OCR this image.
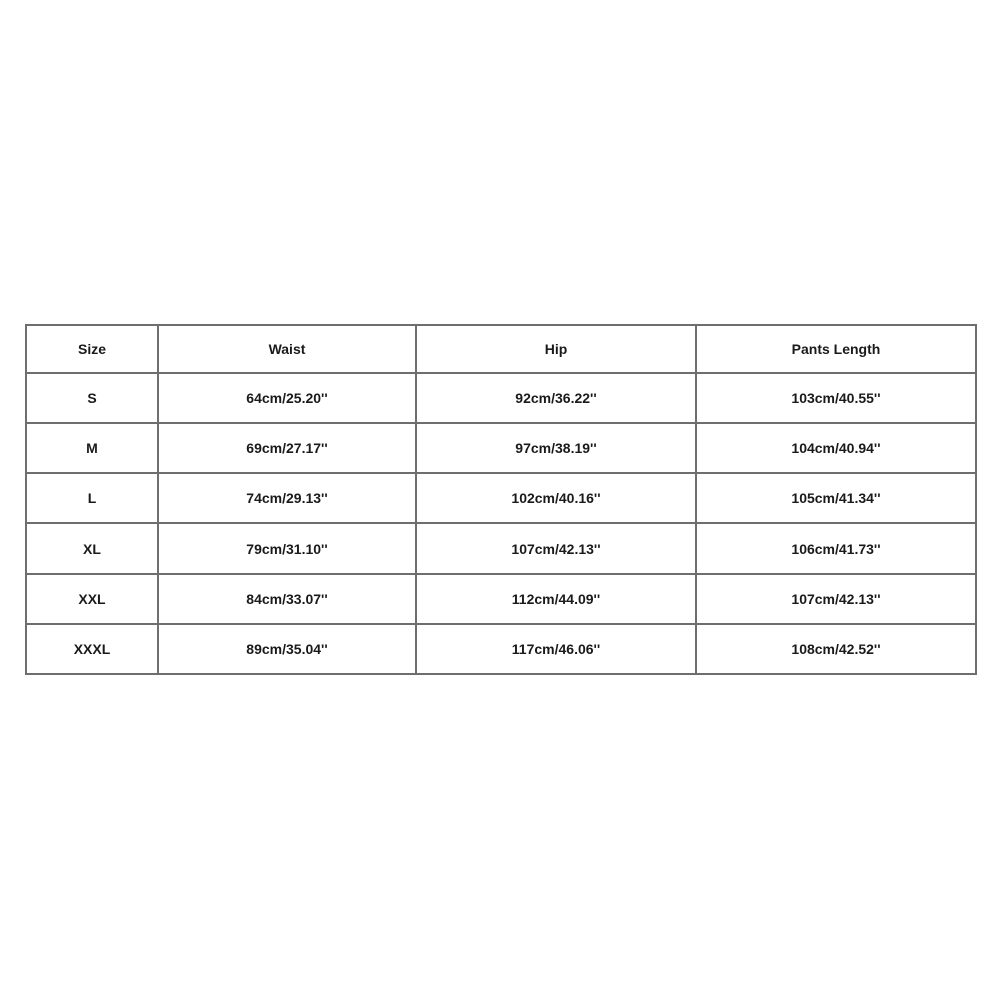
Size	Waist	Hip	Pants Length
S	64cm/25.20''	92cm/36.22''	103cm/40.55''
M	69cm/27.17''	97cm/38.19''	104cm/40.94''
L	74cm/29.13''	102cm/40.16''	105cm/41.34''
XL	79cm/31.10''	107cm/42.13''	106cm/41.73''
XXL	84cm/33.07''	112cm/44.09''	107cm/42.13''
XXXL	89cm/35.04''	117cm/46.06''	108cm/42.52''
